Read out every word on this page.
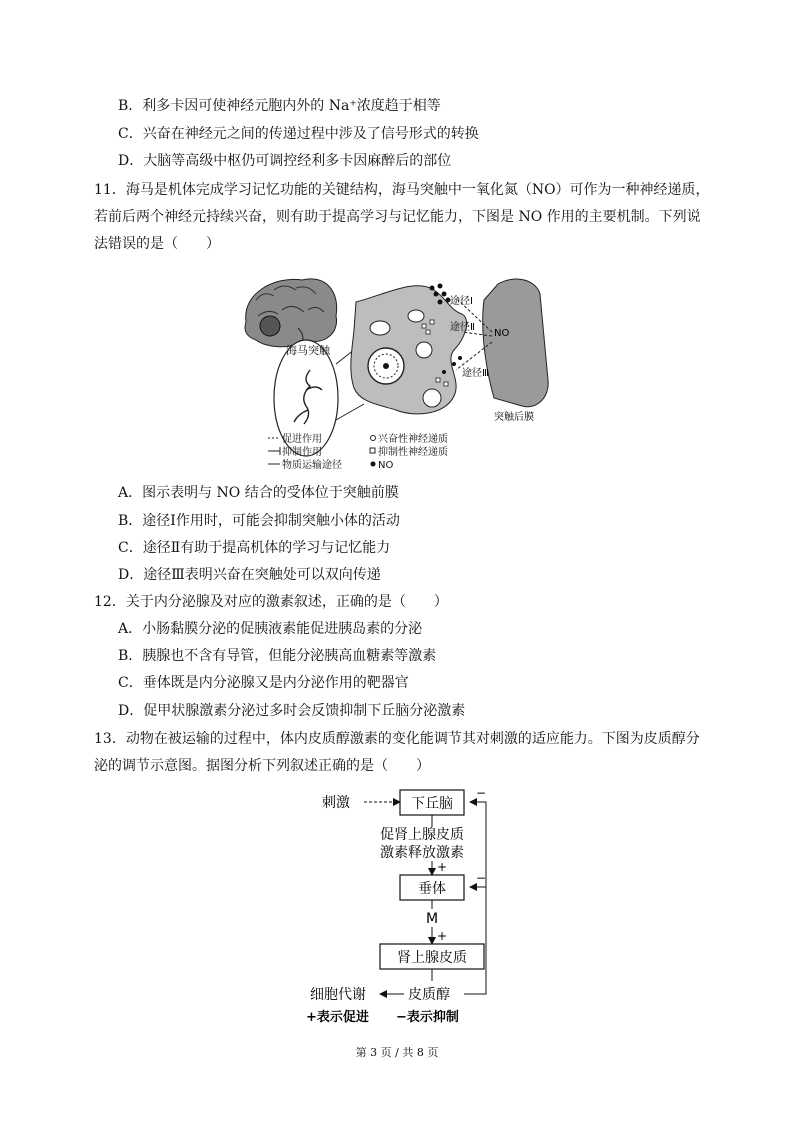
B．利多卡因可使神经元胞内外的 Na⁺浓度趋于相等
C．兴奋在神经元之间的传递过程中涉及了信号形式的转换
D．大脑等高级中枢仍可调控经利多卡因麻醉后的部位
11．海马是机体完成学习记忆功能的关键结构，海马突触中一氧化氮（NO）可作为一种神经递质，
若前后两个神经元持续兴奋，则有助于提高学习与记忆能力，下图是 NO 作用的主要机制。下列说
法错误的是（　　）
海马突触
途径Ⅰ
途径Ⅱ
NO
途径Ⅲ
突触后膜
促进作用
抑制作用
物质运输途径
兴奋性神经递质
抑制性神经递质
NO
A．图示表明与 NO 结合的受体位于突触前膜
B．途径Ⅰ作用时，可能会抑制突触小体的活动
C．途径Ⅱ有助于提高机体的学习与记忆能力
D．途径Ⅲ表明兴奋在突触处可以双向传递
12．关于内分泌腺及对应的激素叙述，正确的是（　　）
A．小肠黏膜分泌的促胰液素能促进胰岛素的分泌
B．胰腺也不含有导管，但能分泌胰高血糖素等激素
C．垂体既是内分泌腺又是内分泌作用的靶器官
D．促甲状腺激素分泌过多时会反馈抑制下丘脑分泌激素
13．动物在被运输的过程中，体内皮质醇激素的变化能调节其对刺激的适应能力。下图为皮质醇分
泌的调节示意图。据图分析下列叙述正确的是（　　）
刺激	下丘脑
促肾上腺皮质
激素释放激素
+
垂体
M
+
肾上腺皮质
皮质醇
细胞代谢
−
−
+表示促进 −表示抑制
第 3 页 / 共 8 页
